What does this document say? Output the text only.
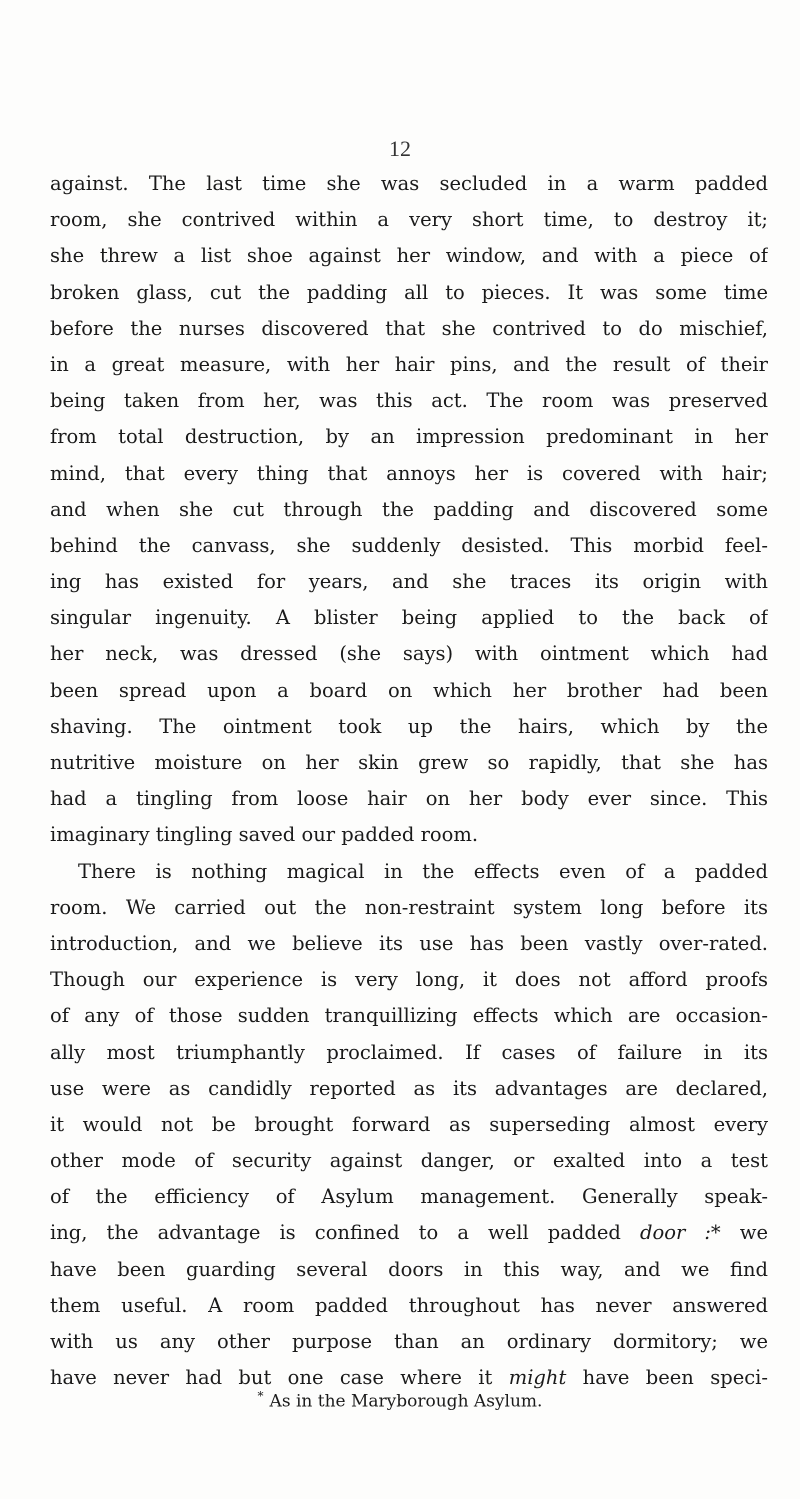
12
against. The last time she was secluded in a warm padded
room, she contrived within a very short time, to destroy it;
she threw a list shoe against her window, and with a piece of
broken glass, cut the padding all to pieces. It was some time
before the nurses discovered that she contrived to do mischief,
in a great measure, with her hair pins, and the result of their
being taken from her, was this act. The room was preserved
from total destruction, by an impression predominant in her
mind, that every thing that annoys her is covered with hair;
and when she cut through the padding and discovered some
behind the canvass, she suddenly desisted. This morbid feel-
ing has existed for years, and she traces its origin with
singular ingenuity. A blister being applied to the back of
her neck, was dressed (she says) with ointment which had
been spread upon a board on which her brother had been
shaving. The ointment took up the hairs, which by the
nutritive moisture on her skin grew so rapidly, that she has
had a tingling from loose hair on her body ever since. This
imaginary tingling saved our padded room.
There is nothing magical in the effects even of a padded
room. We carried out the non-restraint system long before its
introduction, and we believe its use has been vastly over-rated.
Though our experience is very long, it does not afford proofs
of any of those sudden tranquillizing effects which are occasion-
ally most triumphantly proclaimed. If cases of failure in its
use were as candidly reported as its advantages are declared,
it would not be brought forward as superseding almost every
other mode of security against danger, or exalted into a test
of the efficiency of Asylum management. Generally speak-
ing, the advantage is confined to a well padded door :* we
have been guarding several doors in this way, and we find
them useful. A room padded throughout has never answered
with us any other purpose than an ordinary dormitory; we
have never had but one case where it might have been speci-
* As in the Maryborough Asylum.
